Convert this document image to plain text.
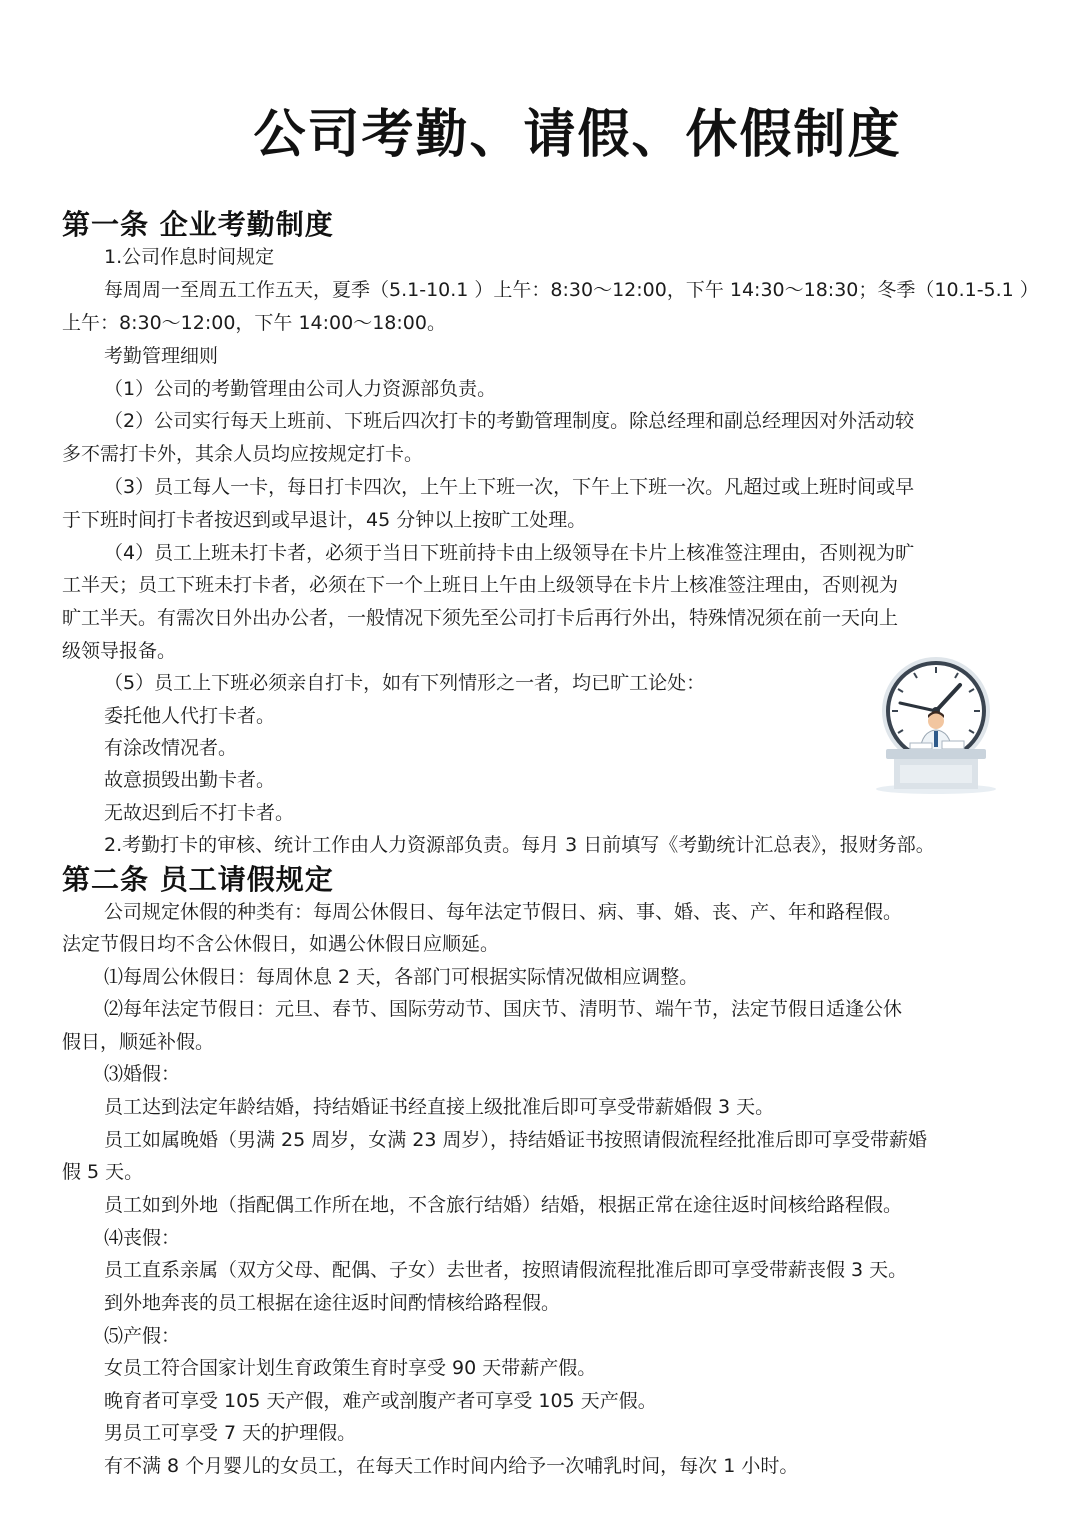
公司考勤、请假、休假制度
第一条 企业考勤制度
1.公司作息时间规定
每周周一至周五工作五天，夏季（5.1-10.1 ）上午：8:30～12:00，下午 14:30～18:30；冬季（10.1-5.1 ）
上午：8:30～12:00，下午 14:00～18:00。
考勤管理细则
（1）公司的考勤管理由公司人力资源部负责。
（2）公司实行每天上班前、下班后四次打卡的考勤管理制度。除总经理和副总经理因对外活动较
多不需打卡外，其余人员均应按规定打卡。
（3）员工每人一卡，每日打卡四次，上午上下班一次，下午上下班一次。凡超过或上班时间或早
于下班时间打卡者按迟到或早退计，45 分钟以上按旷工处理。
（4）员工上班未打卡者，必须于当日下班前持卡由上级领导在卡片上核准签注理由，否则视为旷
工半天；员工下班未打卡者，必须在下一个上班日上午由上级领导在卡片上核准签注理由，否则视为
旷工半天。有需次日外出办公者，一般情况下须先至公司打卡后再行外出，特殊情况须在前一天向上
级领导报备。
（5）员工上下班必须亲自打卡，如有下列情形之一者，均已旷工论处：
委托他人代打卡者。
有涂改情况者。
故意损毁出勤卡者。
无故迟到后不打卡者。
2.考勤打卡的审核、统计工作由人力资源部负责。每月 3 日前填写《考勤统计汇总表》，报财务部。
第二条 员工请假规定
公司规定休假的种类有：每周公休假日、每年法定节假日、病、事、婚、丧、产、年和路程假。
法定节假日均不含公休假日，如遇公休假日应顺延。
⑴每周公休假日：每周休息 2 天，各部门可根据实际情况做相应调整。
⑵每年法定节假日：元旦、春节、国际劳动节、国庆节、清明节、端午节，法定节假日适逢公休
假日，顺延补假。
⑶婚假：
员工达到法定年龄结婚，持结婚证书经直接上级批准后即可享受带薪婚假 3 天。
员工如属晚婚（男满 25 周岁，女满 23 周岁），持结婚证书按照请假流程经批准后即可享受带薪婚
假 5 天。
员工如到外地（指配偶工作所在地，不含旅行结婚）结婚，根据正常在途往返时间核给路程假。
⑷丧假：
员工直系亲属（双方父母、配偶、子女）去世者，按照请假流程批准后即可享受带薪丧假 3 天。
到外地奔丧的员工根据在途往返时间酌情核给路程假。
⑸产假：
女员工符合国家计划生育政策生育时享受 90 天带薪产假。
晚育者可享受 105 天产假，难产或剖腹产者可享受 105 天产假。
男员工可享受 7 天的护理假。
有不满 8 个月婴儿的女员工，在每天工作时间内给予一次哺乳时间，每次 1 小时。
